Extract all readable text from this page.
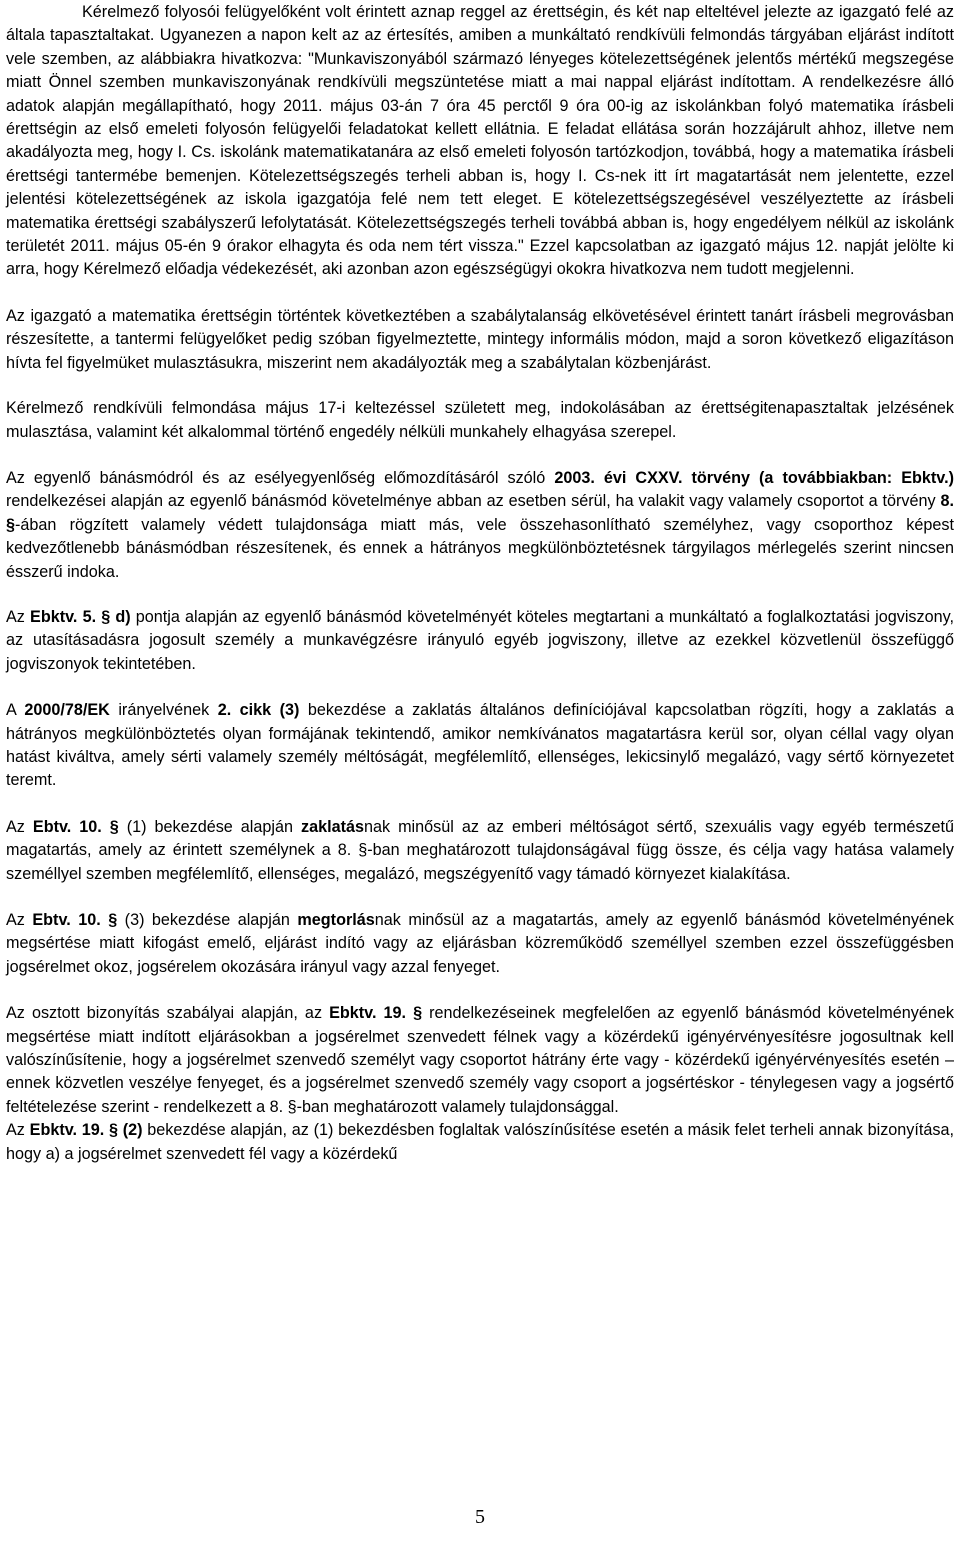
Kérelmező folyosói felügyelőként volt érintett aznap reggel az érettségin, és két nap elteltével jelezte az igazgató felé az általa tapasztaltakat. Ugyanezen a napon kelt az az értesítés, amiben a munkáltató rendkívüli felmondás tárgyában eljárást indított vele szemben, az alábbiakra hivatkozva: "Munkaviszonyából származó lényeges kötelezettségének jelentős mértékű megszegése miatt Önnel szemben munkaviszonyának rendkívüli megszüntetése miatt a mai nappal eljárást indítottam. A rendelkezésre álló adatok alapján megállapítható, hogy 2011. május 03-án 7 óra 45 perctől 9 óra 00-ig az iskolánkban folyó matematika írásbeli érettségin az első emeleti folyosón felügyelői feladatokat kellett ellátnia. E feladat ellátása során hozzájárult ahhoz, illetve nem akadályozta meg, hogy I. Cs. iskolánk matematikatanára az első emeleti folyosón tartózkodjon, továbbá, hogy a matematika írásbeli érettségi tantermébe bemenjen. Kötelezettségszegés terheli abban is, hogy I. Cs-nek itt írt magatartását nem jelentette, ezzel jelentési kötelezettségének az iskola igazgatója felé nem tett eleget. E kötelezettségszegésével veszélyeztette az írásbeli matematika érettségi szabályszerű lefolytatását. Kötelezettségszegés terheli továbbá abban is, hogy engedélyem nélkül az iskolánk területét 2011. május 05-én 9 órakor elhagyta és oda nem tért vissza." Ezzel kapcsolatban az igazgató május 12. napját jelölte ki arra, hogy Kérelmező előadja védekezését, aki azonban azon egészségügyi okokra hivatkozva nem tudott megjelenni.

Az igazgató a matematika érettségin történtek következtében a szabálytalanság elkövetésével érintett tanárt írásbeli megrovásban részesítette, a tantermi felügyelőket pedig szóban figyelmeztette, mintegy informális módon, majd a soron következő eligazításon hívta fel figyelmüket mulasztásukra, miszerint nem akadályozták meg a szabálytalan közbenjárást.

Kérelmező rendkívüli felmondása május 17-i keltezéssel született meg, indokolásában az érettségitenapasztaltak jelzésének mulasztása, valamint két alkalommal történő engedély nélküli munkahely elhagyása szerepel.

Az egyenlő bánásmódról és az esélyegyenlőség előmozdításáról szóló 2003. évi CXXV. törvény (a továbbiakban: Ebktv.) rendelkezései alapján az egyenlő bánásmód követelménye abban az esetben sérül, ha valakit vagy valamely csoportot a törvény 8. §-ában rögzített valamely védett tulajdonsága miatt más, vele összehasonlítható személyhez, vagy csoporthoz képest kedvezőtlenebb bánásmódban részesítenek, és ennek a hátrányos megkülönböztetésnek tárgyilagos mérlegelés szerint nincsen ésszerű indoka.

Az Ebktv. 5. § d) pontja alapján az egyenlő bánásmód követelményét köteles megtartani a munkáltató a foglalkoztatási jogviszony, az utasításadásra jogosult személy a munkavégzésre irányuló egyéb jogviszony, illetve az ezekkel közvetlenül összefüggő jogviszonyok tekintetében.

A 2000/78/EK irányelvének 2. cikk (3) bekezdése a zaklatás általános definíciójával kapcsolatban rögzíti, hogy a zaklatás a hátrányos megkülönböztetés olyan formájának tekintendő, amikor nemkívánatos magatartásra kerül sor, olyan céllal vagy olyan hatást kiváltva, amely sérti valamely személy méltóságát, megfélemlítő, ellenséges, lekicsinylő megalázó, vagy sértő környezetet teremt.

Az Ebtv. 10. § (1) bekezdése alapján zaklatásnak minősül az az emberi méltóságot sértő, szexuális vagy egyéb természetű magatartás, amely az érintett személynek a 8. §-ban meghatározott tulajdonságával függ össze, és célja vagy hatása valamely személlyel szemben megfélemlítő, ellenséges, megalázó, megszégyenítő vagy támadó környezet kialakítása.

Az Ebtv. 10. § (3) bekezdése alapján megtorlásnak minősül az a magatartás, amely az egyenlő bánásmód követelményének megsértése miatt kifogást emelő, eljárást indító vagy az eljárásban közreműködő személlyel szemben ezzel összefüggésben jogsérelmet okoz, jogsérelem okozására irányul vagy azzal fenyeget.

Az osztott bizonyítás szabályai alapján, az Ebktv. 19. § rendelkezéseinek megfelelően az egyenlő bánásmód követelményének megsértése miatt indított eljárásokban a jogsérelmet szenvedett félnek vagy a közérdekű igényérvényesítésre jogosultnak kell valószínűsítenie, hogy a jogsérelmet szenvedő személyt vagy csoportot hátrány érte vagy - közérdekű igényérvényesítés esetén – ennek közvetlen veszélye fenyeget, és a jogsérelmet szenvedő személy vagy csoport a jogsértéskor - ténylegesen vagy a jogsértő feltételezése szerint - rendelkezett a 8. §-ban meghatározott valamely tulajdonsággal.

Az Ebktv. 19. § (2) bekezdése alapján, az (1) bekezdésben foglaltak valószínűsítése esetén a másik felet terheli annak bizonyítása, hogy a) a jogsérelmet szenvedett fél vagy a közérdekű

5
